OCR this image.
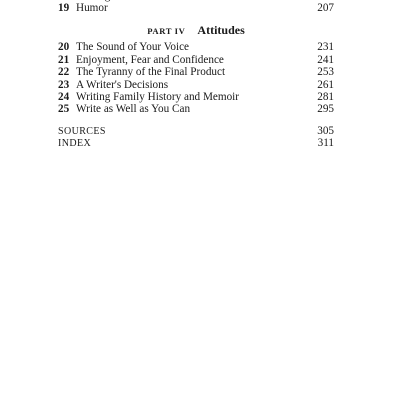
19 Humor	207
PART IV Attitudes
20 The Sound of Your Voice	231
21 Enjoyment, Fear and Confidence	241
22 The Tyranny of the Final Product	253
23 A Writer's Decisions	261
24 Writing Family History and Memoir	281
25 Write as Well as You Can	295
SOURCES	305
INDEX	311
